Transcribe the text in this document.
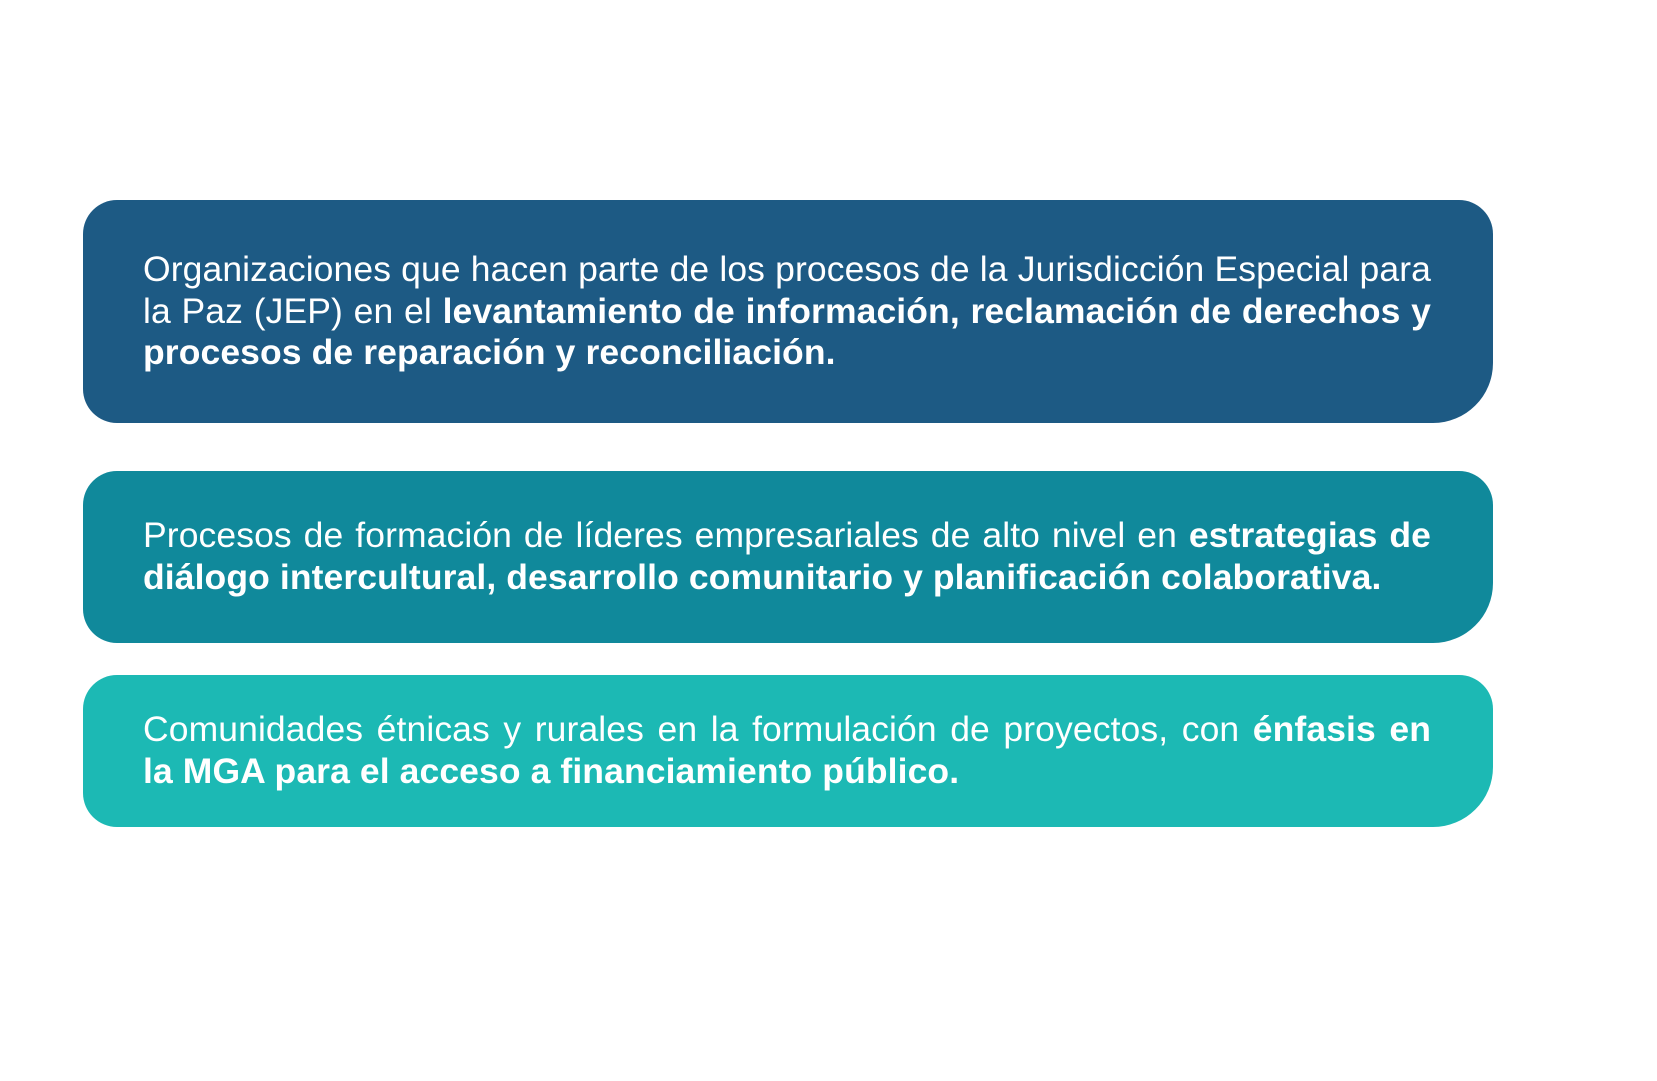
Organizaciones que hacen parte de los procesos de la Jurisdicción Especial para la Paz (JEP) en el levantamiento de información, reclamación de derechos y procesos de reparación y reconciliación.
Procesos de formación de líderes empresariales de alto nivel en estrategias de diálogo intercultural, desarrollo comunitario y planificación colaborativa.
Comunidades étnicas y rurales en la formulación de proyectos, con énfasis en la MGA para el acceso a financiamiento público.
